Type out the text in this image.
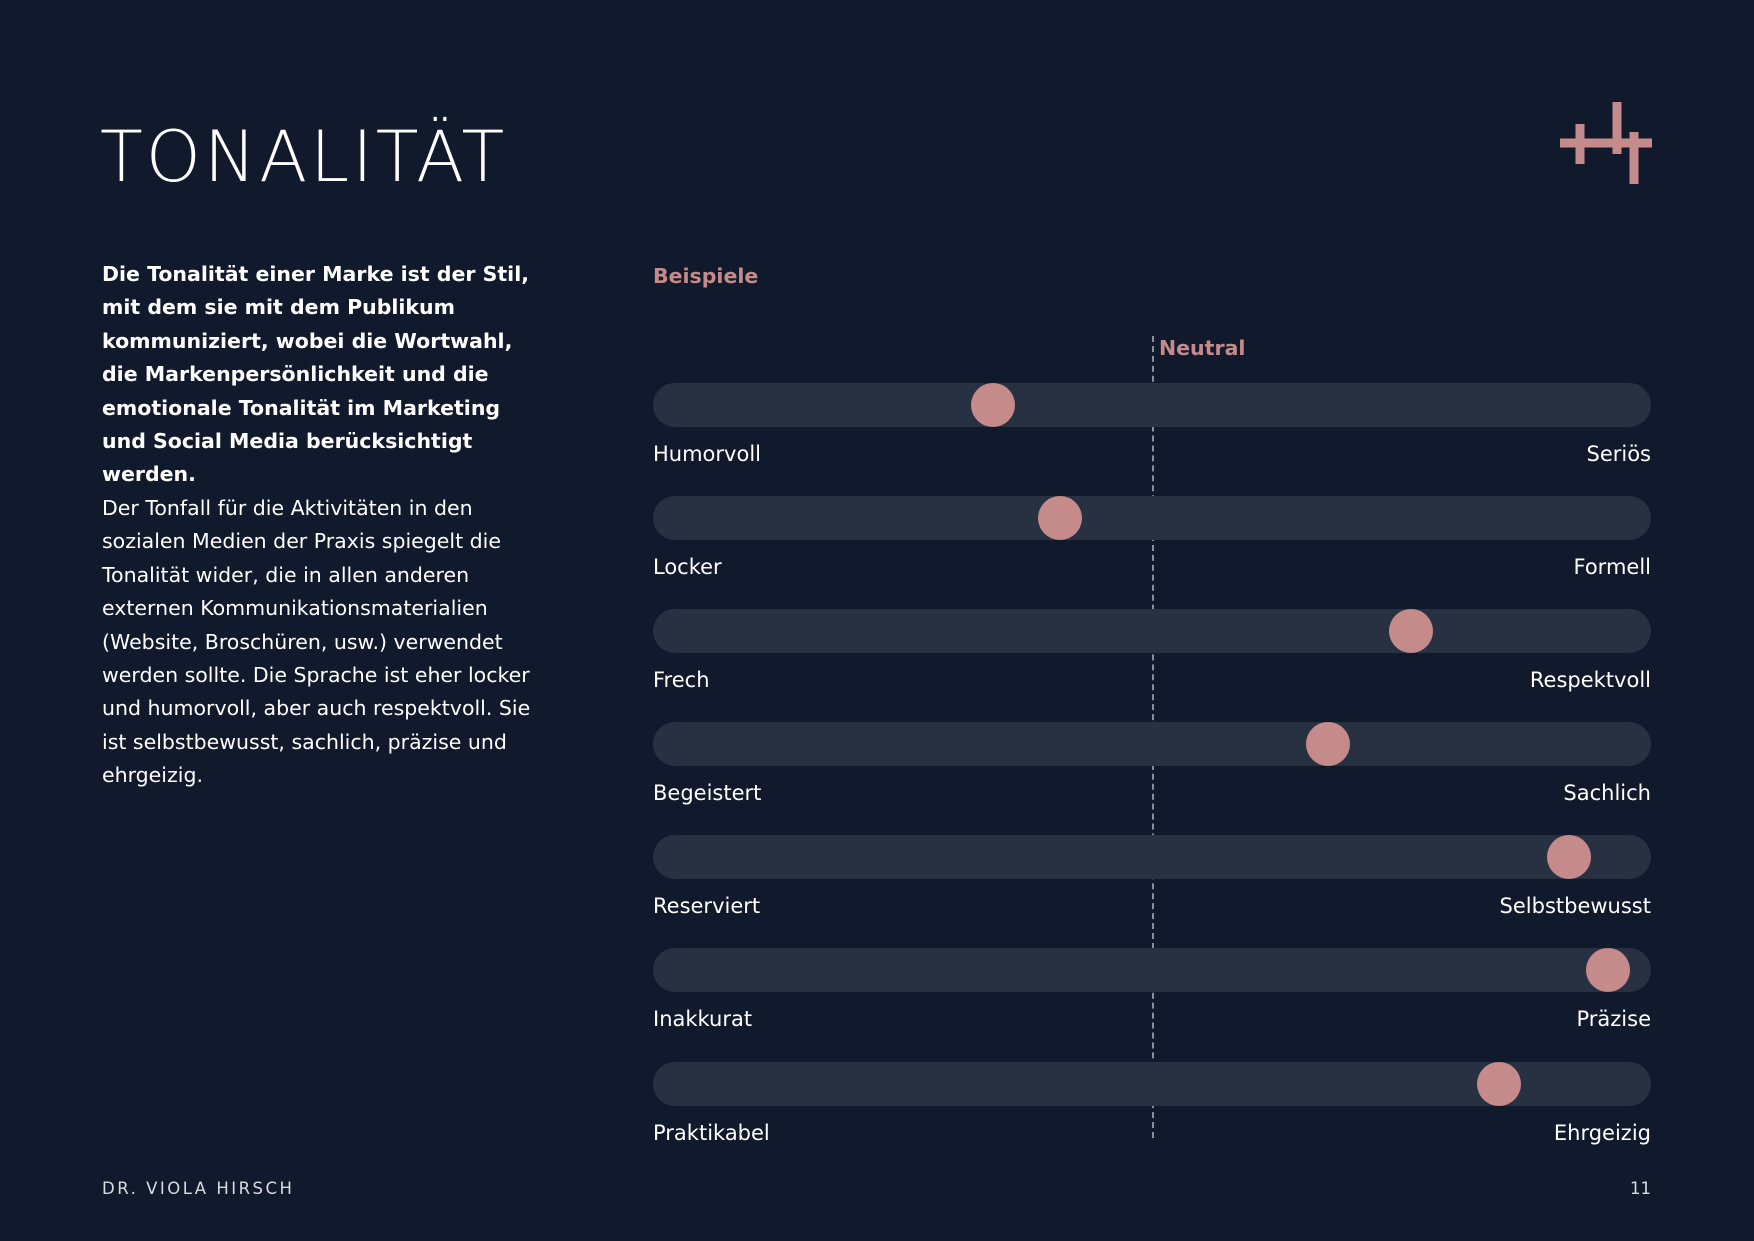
TONALITÄT

Die Tonalität einer Marke ist der Stil, mit dem sie mit dem Publikum kommuniziert, wobei die Wortwahl, die Markenpersönlichkeit und die emotionale Tonalität im Marketing und Social Media berücksichtigt werden.

Der Tonfall für die Aktivitäten in den sozialen Medien der Praxis spiegelt die Tonalität wider, die in allen anderen externen Kommunikationsmaterialien (Website, Broschüren, usw.) verwendet werden sollte. Die Sprache ist eher locker und humorvoll, aber auch respektvoll. Sie ist selbstbewusst, sachlich, präzise und ehrgeizig.

Beispiele
Neutral
Humorvoll	Seriös
Locker	Formell
Frech	Respektvoll
Begeistert	Sachlich
Reserviert	Selbstbewusst
Inakkurat	Präzise
Praktikabel	Ehrgeizig
DR. VIOLA HIRSCH	11
